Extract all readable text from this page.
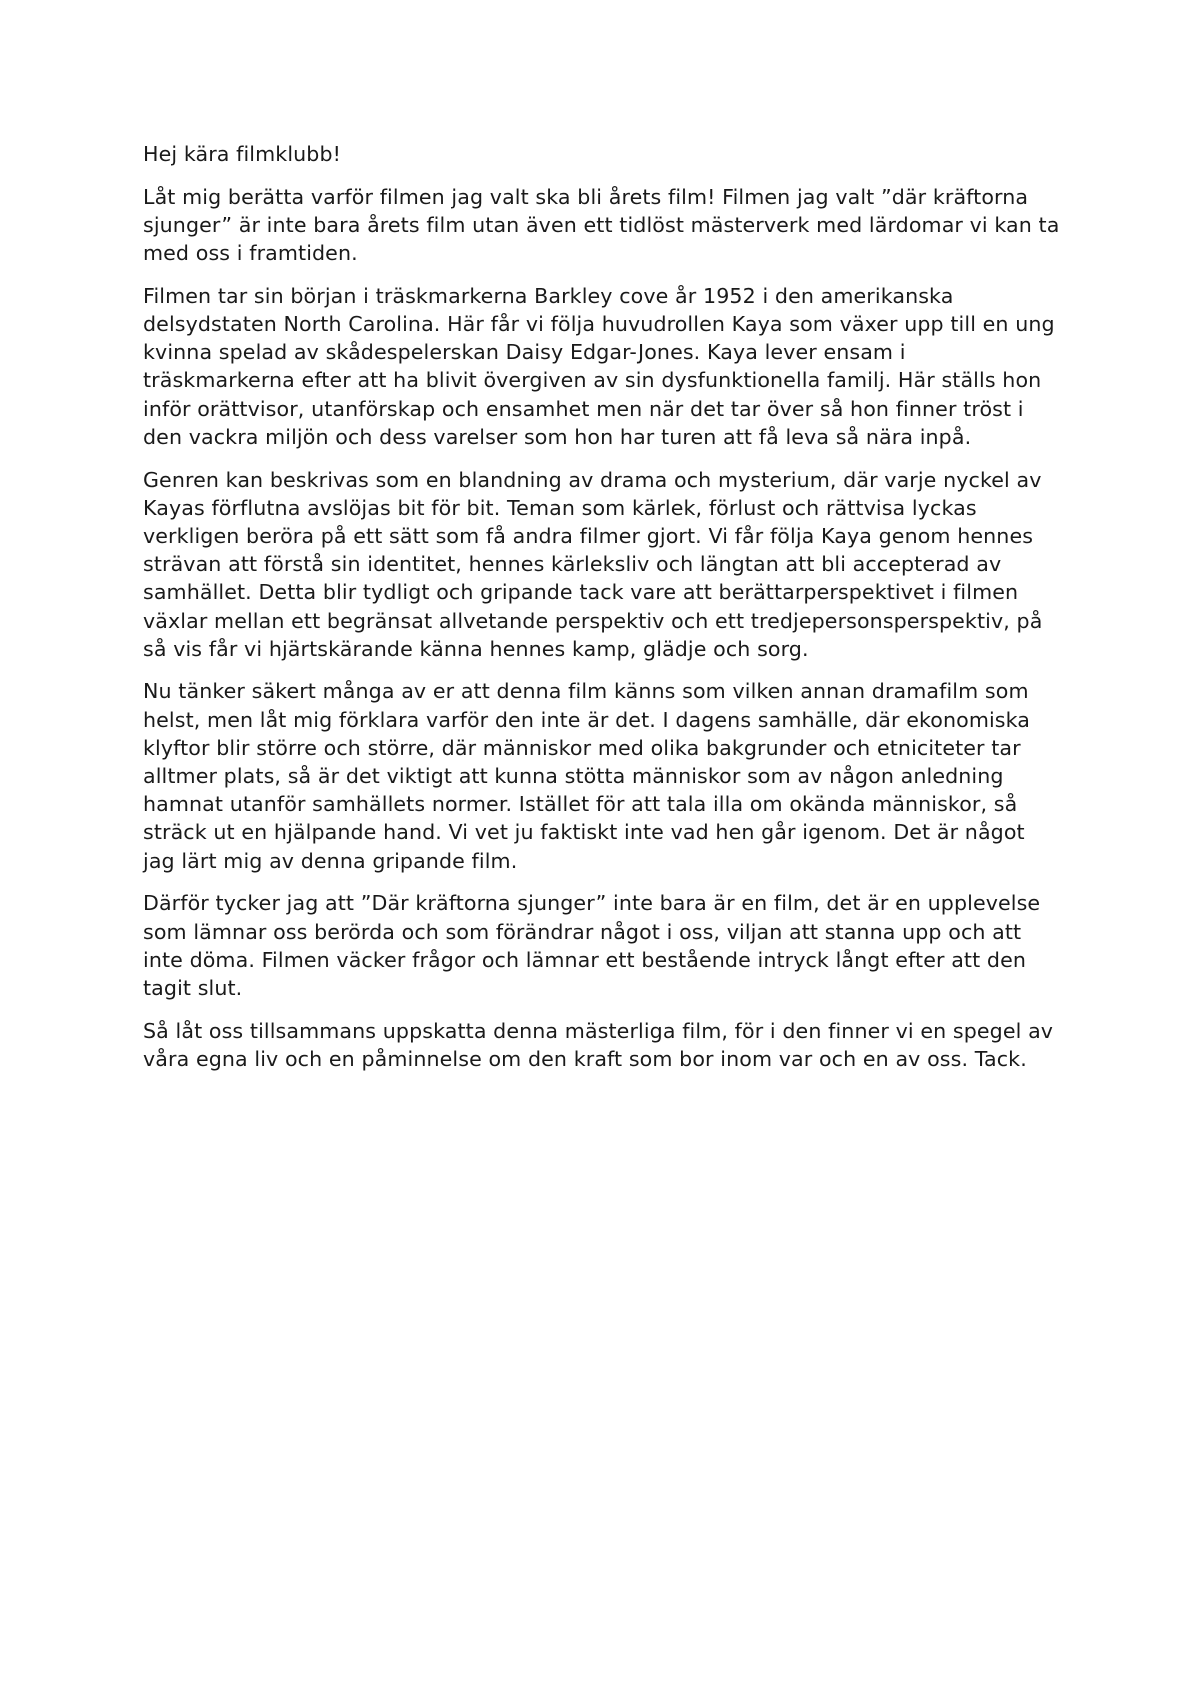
Hej kära filmklubb!

Låt mig berätta varför filmen jag valt ska bli årets film! Filmen jag valt ”där kräftorna sjunger” är inte bara årets film utan även ett tidlöst mästerverk med lärdomar vi kan ta med oss i framtiden.

Filmen tar sin början i träskmarkerna Barkley cove år 1952 i den amerikanska delsydstaten North Carolina. Här får vi följa huvudrollen Kaya som växer upp till en ung kvinna spelad av skådespelerskan Daisy Edgar-Jones. Kaya lever ensam i träskmarkerna efter att ha blivit övergiven av sin dysfunktionella familj. Här ställs hon inför orättvisor, utanförskap och ensamhet men när det tar över så hon finner tröst i den vackra miljön och dess varelser som hon har turen att få leva så nära inpå.

Genren kan beskrivas som en blandning av drama och mysterium, där varje nyckel av Kayas förflutna avslöjas bit för bit. Teman som kärlek, förlust och rättvisa lyckas verkligen beröra på ett sätt som få andra filmer gjort. Vi får följa Kaya genom hennes strävan att förstå sin identitet, hennes kärleksliv och längtan att bli accepterad av samhället. Detta blir tydligt och gripande tack vare att berättarperspektivet i filmen växlar mellan ett begränsat allvetande perspektiv och ett tredjepersonsperspektiv, på så vis får vi hjärtskärande känna hennes kamp, glädje och sorg.

Nu tänker säkert många av er att denna film känns som vilken annan dramafilm som helst, men låt mig förklara varför den inte är det. I dagens samhälle, där ekonomiska klyftor blir större och större, där människor med olika bakgrunder och etniciteter tar alltmer plats, så är det viktigt att kunna stötta människor som av någon anledning hamnat utanför samhällets normer. Istället för att tala illa om okända människor, så sträck ut en hjälpande hand. Vi vet ju faktiskt inte vad hen går igenom. Det är något jag lärt mig av denna gripande film.

Därför tycker jag att ”Där kräftorna sjunger” inte bara är en film, det är en upplevelse som lämnar oss berörda och som förändrar något i oss, viljan att stanna upp och att inte döma. Filmen väcker frågor och lämnar ett bestående intryck långt efter att den tagit slut.

Så låt oss tillsammans uppskatta denna mästerliga film, för i den finner vi en spegel av våra egna liv och en påminnelse om den kraft som bor inom var och en av oss. Tack.
